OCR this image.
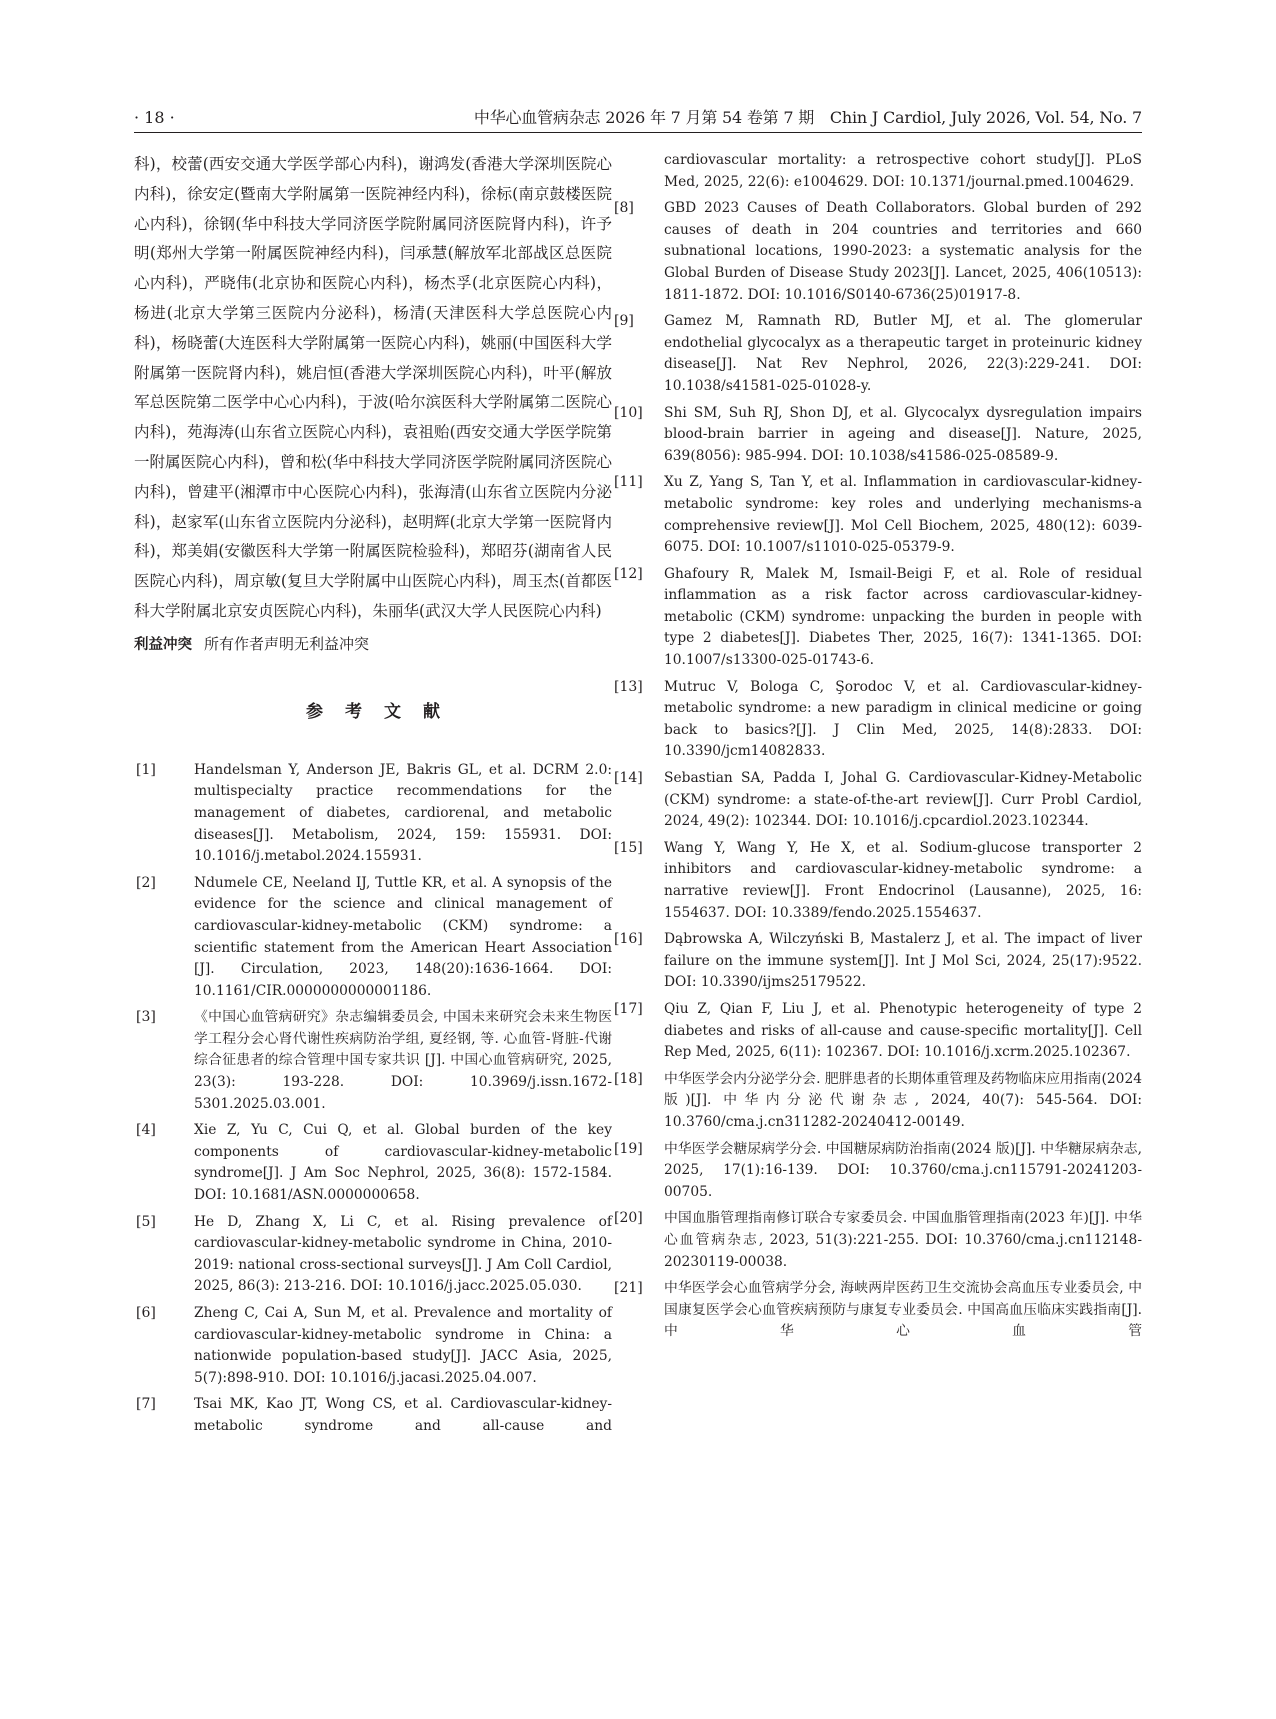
· 18 ·	中华心血管病杂志 2026 年 7 月第 54 卷第 7 期　Chin J Cardiol, July 2026, Vol. 54, No. 7

科)，校蕾(西安交通大学医学部心内科)，谢鸿发(香港大学深圳医院心内科)，徐安定(暨南大学附属第一医院神经内科)，徐标(南京鼓楼医院心内科)，徐钢(华中科技大学同济医学院附属同济医院肾内科)，许予明(郑州大学第一附属医院神经内科)，闫承慧(解放军北部战区总医院心内科)，严晓伟(北京协和医院心内科)，杨杰孚(北京医院心内科)，杨进(北京大学第三医院内分泌科)，杨清(天津医科大学总医院心内科)，杨晓蕾(大连医科大学附属第一医院心内科)，姚丽(中国医科大学附属第一医院肾内科)，姚启恒(香港大学深圳医院心内科)，叶平(解放军总医院第二医学中心心内科)，于波(哈尔滨医科大学附属第二医院心内科)，苑海涛(山东省立医院心内科)，袁祖贻(西安交通大学医学院第一附属医院心内科)，曾和松(华中科技大学同济医学院附属同济医院心内科)，曾建平(湘潭市中心医院心内科)，张海清(山东省立医院内分泌科)，赵家军(山东省立医院内分泌科)，赵明辉(北京大学第一医院肾内科)，郑美娟(安徽医科大学第一附属医院检验科)，郑昭芬(湖南省人民医院心内科)，周京敏(复旦大学附属中山医院心内科)，周玉杰(首都医科大学附属北京安贞医院心内科)，朱丽华(武汉大学人民医院心内科)

利益冲突 所有作者声明无利益冲突

参考文献
[1]	Handelsman Y, Anderson JE, Bakris GL, et al. DCRM 2.0: multispecialty practice recommendations for the management of diabetes, cardiorenal, and metabolic diseases[J]. Metabolism, 2024, 159: 155931. DOI: 10.1016/j.metabol.2024.155931.
[2]	Ndumele CE, Neeland IJ, Tuttle KR, et al. A synopsis of the evidence for the science and clinical management of cardiovascular-kidney-metabolic (CKM) syndrome: a scientific statement from the American Heart Association [J]. Circulation, 2023, 148(20):1636-1664. DOI: 10.1161/CIR.0000000000001186.
[3]	《中国心血管病研究》杂志编辑委员会, 中国未来研究会未来生物医学工程分会心肾代谢性疾病防治学组, 夏经钢, 等. 心血管-肾脏-代谢综合征患者的综合管理中国专家共识 [J]. 中国心血管病研究, 2025, 23(3): 193-228. DOI: 10.3969/j.issn.1672-5301.2025.03.001.
[4]	Xie Z, Yu C, Cui Q, et al. Global burden of the key components of cardiovascular-kidney-metabolic syndrome[J]. J Am Soc Nephrol, 2025, 36(8): 1572-1584. DOI: 10.1681/ASN.0000000658.
[5]	He D, Zhang X, Li C, et al. Rising prevalence of cardiovascular-kidney-metabolic syndrome in China, 2010-2019: national cross-sectional surveys[J]. J Am Coll Cardiol, 2025, 86(3): 213-216. DOI: 10.1016/j.jacc.2025.05.030.
[6]	Zheng C, Cai A, Sun M, et al. Prevalence and mortality of cardiovascular-kidney-metabolic syndrome in China: a nationwide population-based study[J]. JACC Asia, 2025, 5(7):898-910. DOI: 10.1016/j.jacasi.2025.04.007.
[7]	Tsai MK, Kao JT, Wong CS, et al. Cardiovascular-kidney-metabolic syndrome and all-cause and
cardiovascular mortality: a retrospective cohort study[J]. PLoS Med, 2025, 22(6): e1004629. DOI: 10.1371/journal.pmed.1004629.
[8] GBD 2023 Causes of Death Collaborators. Global burden of 292 causes of death in 204 countries and territories and 660 subnational locations, 1990-2023: a systematic analysis for the Global Burden of Disease Study 2023[J]. Lancet, 2025, 406(10513): 1811-1872. DOI: 10.1016/S0140-6736(25)01917-8.
[9] Gamez M, Ramnath RD, Butler MJ, et al. The glomerular endothelial glycocalyx as a therapeutic target in proteinuric kidney disease[J]. Nat Rev Nephrol, 2026, 22(3):229-241. DOI: 10.1038/s41581-025-01028-y.
[10] Shi SM, Suh RJ, Shon DJ, et al. Glycocalyx dysregulation impairs blood-brain barrier in ageing and disease[J]. Nature, 2025, 639(8056): 985-994. DOI: 10.1038/s41586-025-08589-9.
[11] Xu Z, Yang S, Tan Y, et al. Inflammation in cardiovascular-kidney-metabolic syndrome: key roles and underlying mechanisms-a comprehensive review[J]. Mol Cell Biochem, 2025, 480(12): 6039-6075. DOI: 10.1007/s11010-025-05379-9.
[12] Ghafoury R, Malek M, Ismail-Beigi F, et al. Role of residual inflammation as a risk factor across cardiovascular-kidney-metabolic (CKM) syndrome: unpacking the burden in people with type 2 diabetes[J]. Diabetes Ther, 2025, 16(7): 1341-1365. DOI: 10.1007/s13300-025-01743-6.
[13] Mutruc V, Bologa C, Şorodoc V, et al. Cardiovascular-kidney-metabolic syndrome: a new paradigm in clinical medicine or going back to basics?[J]. J Clin Med, 2025, 14(8):2833. DOI: 10.3390/jcm14082833.
[14] Sebastian SA, Padda I, Johal G. Cardiovascular-Kidney-Metabolic (CKM) syndrome: a state-of-the-art review[J]. Curr Probl Cardiol, 2024, 49(2): 102344. DOI: 10.1016/j.cpcardiol.2023.102344.
[15] Wang Y, Wang Y, He X, et al. Sodium-glucose transporter 2 inhibitors and cardiovascular-kidney-metabolic syndrome: a narrative review[J]. Front Endocrinol (Lausanne), 2025, 16: 1554637. DOI: 10.3389/fendo.2025.1554637.
[16] Dąbrowska A, Wilczyński B, Mastalerz J, et al. The impact of liver failure on the immune system[J]. Int J Mol Sci, 2024, 25(17):9522. DOI: 10.3390/ijms25179522.
[17] Qiu Z, Qian F, Liu J, et al. Phenotypic heterogeneity of type 2 diabetes and risks of all-cause and cause-specific mortality[J]. Cell Rep Med, 2025, 6(11): 102367. DOI: 10.1016/j.xcrm.2025.102367.
[18] 中华医学会内分泌学分会. 肥胖患者的长期体重管理及药物临床应用指南(2024 版)[J]. 中华内分泌代谢杂志, 2024, 40(7): 545-564. DOI: 10.3760/cma.j.cn311282-20240412-00149.
[19] 中华医学会糖尿病学分会. 中国糖尿病防治指南(2024 版)[J]. 中华糖尿病杂志, 2025, 17(1):16-139. DOI: 10.3760/cma.j.cn115791-20241203-00705.
[20] 中国血脂管理指南修订联合专家委员会. 中国血脂管理指南(2023 年)[J]. 中华心血管病杂志, 2023, 51(3):221-255. DOI: 10.3760/cma.j.cn112148-20230119-00038.
[21] 中华医学会心血管病学分会, 海峡两岸医药卫生交流协会高血压专业委员会, 中国康复医学会心血管疾病预防与康复专业委员会. 中国高血压临床实践指南[J]. 中华心血管
